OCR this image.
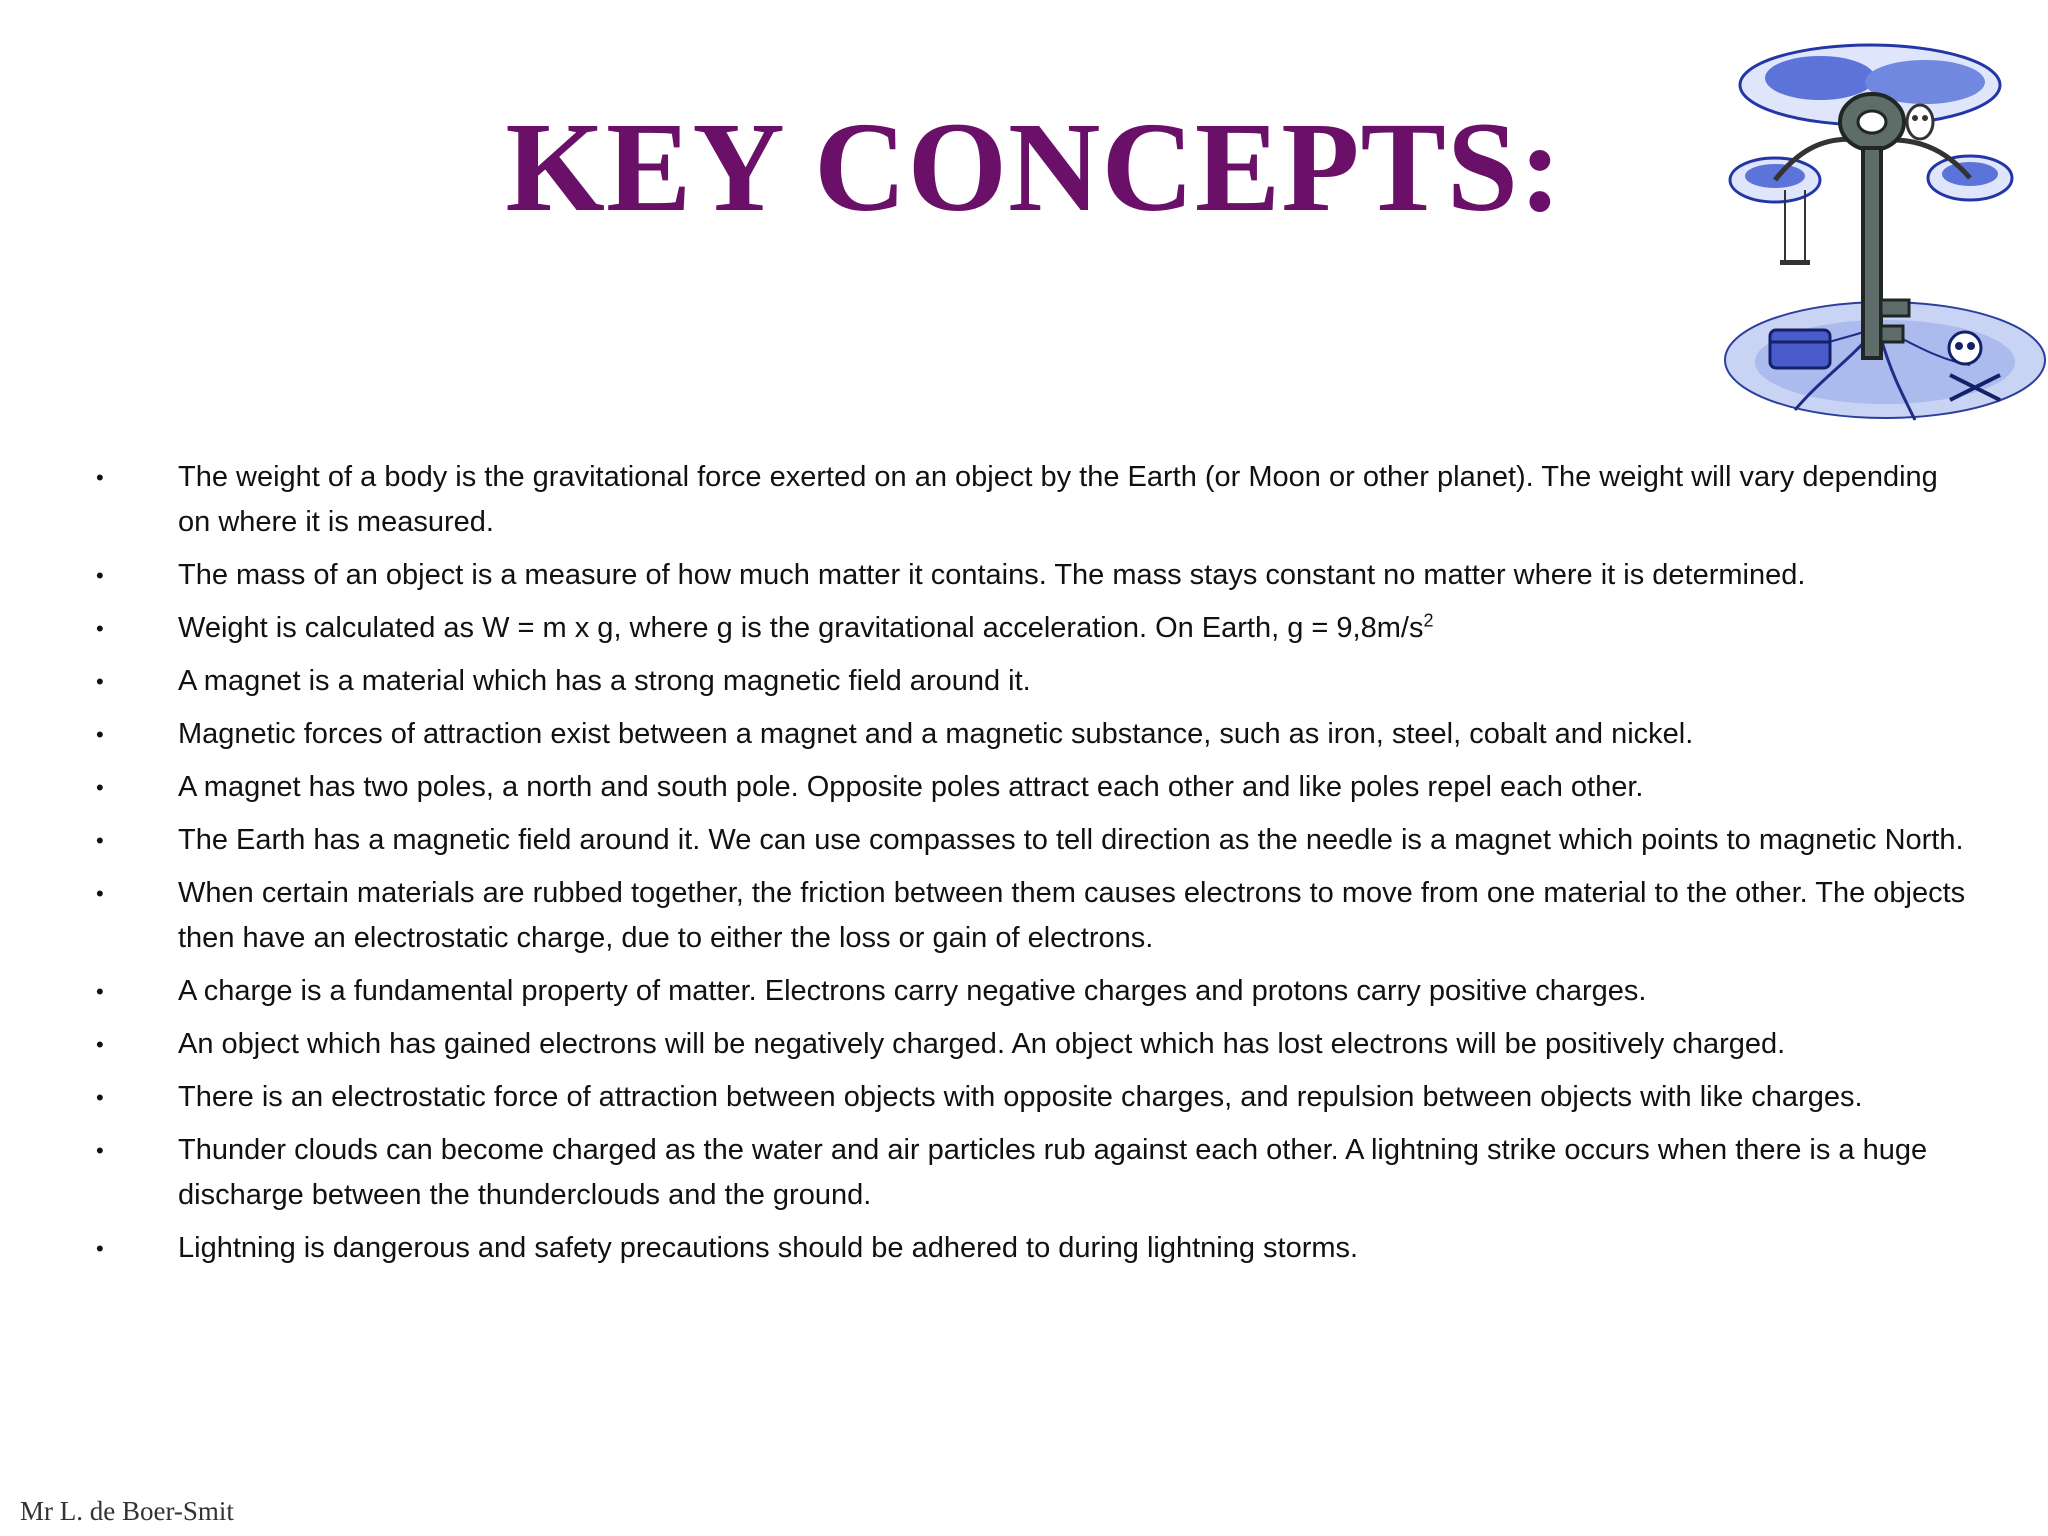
KEY CONCEPTS:
•	The weight of a body is the gravitational force exerted on an object by the Earth (or Moon or other planet). The weight will vary depending on where it is measured.
•	The mass of an object is a measure of how much matter it contains. The mass stays constant no matter where it is determined.
•	Weight is calculated as W = m x g, where g is the gravitational acceleration. On Earth, $g = 9,8m/s^2$
•	A magnet is a material which has a strong magnetic field around it.
•	Magnetic forces of attraction exist between a magnet and a magnetic substance, such as iron, steel, cobalt and nickel.
•	A magnet has two poles, a north and south pole. Opposite poles attract each other and like poles repel each other.
•	The Earth has a magnetic field around it. We can use compasses to tell direction as the needle is a magnet which points to magnetic North.
•	When certain materials are rubbed together, the friction between them causes electrons to move from one material to the other. The objects then have an electrostatic charge, due to either the loss or gain of electrons.
•	A charge is a fundamental property of matter. Electrons carry negative charges and protons carry positive charges.
•	An object which has gained electrons will be negatively charged. An object which has lost electrons will be positively charged.
•	There is an electrostatic force of attraction between objects with opposite charges, and repulsion between objects with like charges.
•	Thunder clouds can become charged as the water and air particles rub against each other. A lightning strike occurs when there is a huge discharge between the thunderclouds and the ground.
•	Lightning is dangerous and safety precautions should be adhered to during lightning storms.
Mr L. de Boer-Smit
